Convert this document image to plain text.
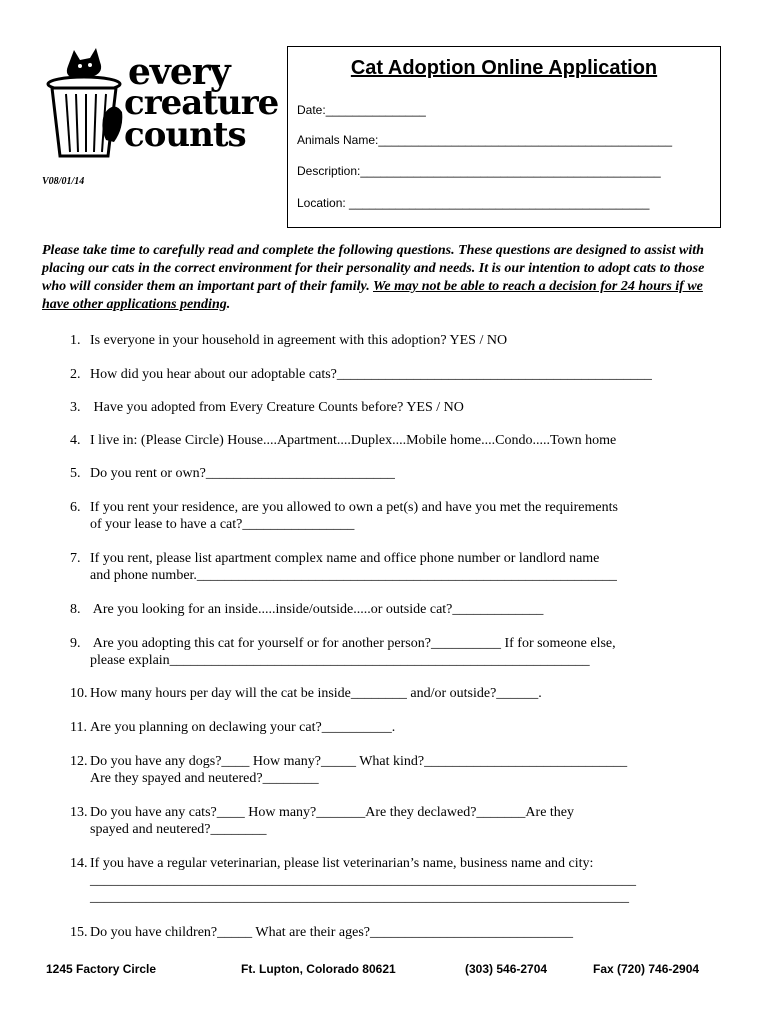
every
creature
counts
V08/01/14
Cat Adoption Online Application
Date:_______________
Animals Name:____________________________________________
Description:_____________________________________________
Location: _____________________________________________
Please take time to carefully read and complete the following questions. These questions are designed to assist with placing our cats in the correct environment for their personality and needs. It is our intention to adopt cats to those who will consider them an important part of their family. We may not be able to reach a decision for 24 hours if we have other applications pending.
1. Is everyone in your household in agreement with this adoption? YES / NO
2. How did you hear about our adoptable cats?_____________________________________________
3. Have you adopted from Every Creature Counts before? YES / NO
4. I live in: (Please Circle) House....Apartment....Duplex....Mobile home....Condo.....Town home
5. Do you rent or own?___________________________
6. If you rent your residence, are you allowed to own a pet(s) and have you met the requirements
of your lease to have a cat?________________
7. If you rent, please list apartment complex name and office phone number or landlord name
and phone number.____________________________________________________________
8. Are you looking for an inside.....inside/outside.....or outside cat?_____________
9. Are you adopting this cat for yourself or for another person?__________ If for someone else,
please explain____________________________________________________________
10. How many hours per day will the cat be inside________ and/or outside?______.
11. Are you planning on declawing your cat?__________.
12. Do you have any dogs?____ How many?_____ What kind?_____________________________
Are they spayed and neutered?________
13. Do you have any cats?____ How many?_______Are they declawed?_______Are they
spayed and neutered?________
14. If you have a regular veterinarian, please list veterinarian’s name, business name and city:
______________________________________________________________________________
_____________________________________________________________________________
15. Do you have children?_____ What are their ages?_____________________________
1245 Factory Circle	Ft. Lupton, Colorado 80621	(303) 546-2704	Fax (720) 746-2904
